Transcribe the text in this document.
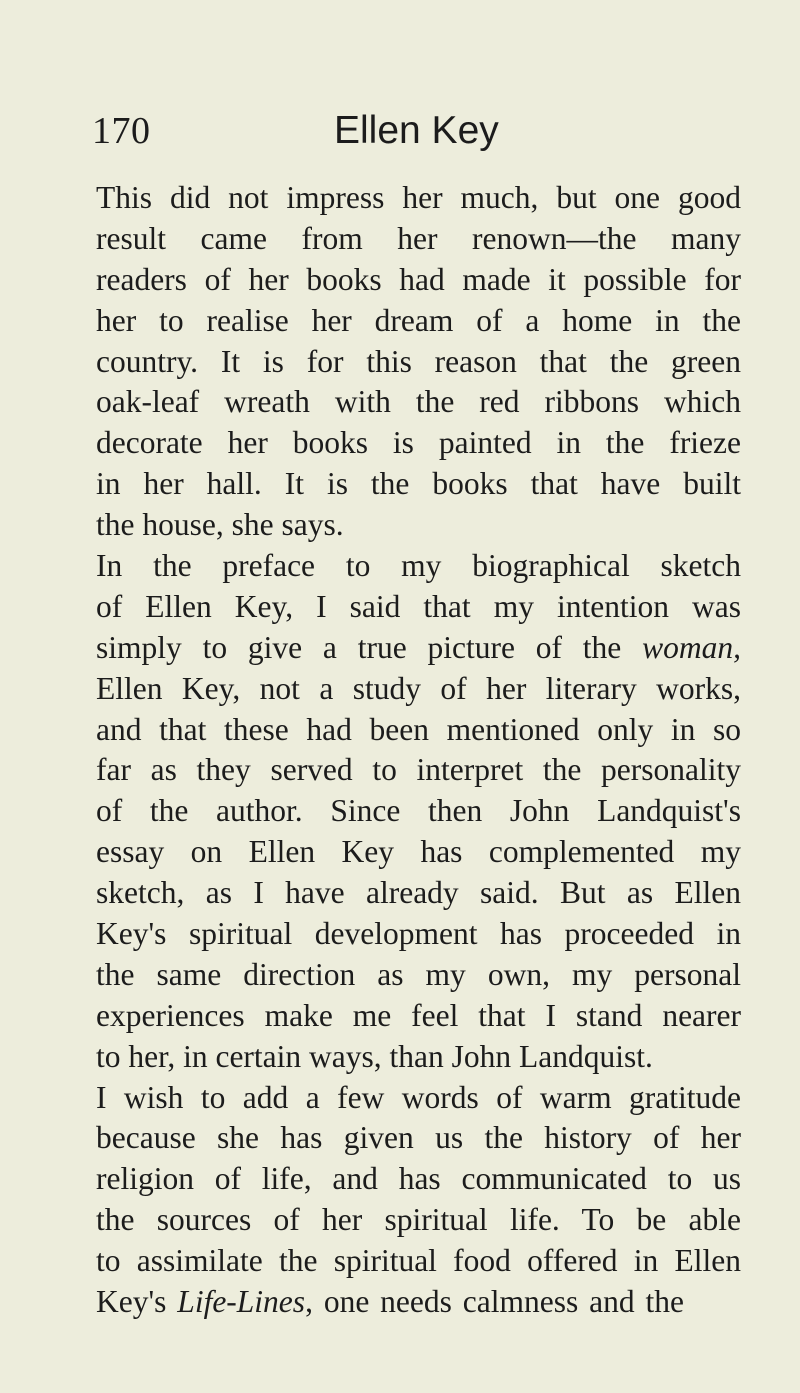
170	Ellen Key
This did not impress her much, but one good
result came from her renown—the many
readers of her books had made it possible for
her to realise her dream of a home in the
country. It is for this reason that the green
oak-leaf wreath with the red ribbons which
decorate her books is painted in the frieze
in her hall. It is the books that have built
the house, she says.
In the preface to my biographical sketch
of Ellen Key, I said that my intention was
simply to give a true picture of the woman,
Ellen Key, not a study of her literary works,
and that these had been mentioned only in so
far as they served to interpret the personality
of the author. Since then John Landquist's
essay on Ellen Key has complemented my
sketch, as I have already said. But as Ellen
Key's spiritual development has proceeded in
the same direction as my own, my personal
experiences make me feel that I stand nearer
to her, in certain ways, than John Landquist.
I wish to add a few words of warm gratitude
because she has given us the history of her
religion of life, and has communicated to us
the sources of her spiritual life. To be able
to assimilate the spiritual food offered in Ellen
Key's Life-Lines, one needs calmness and the
